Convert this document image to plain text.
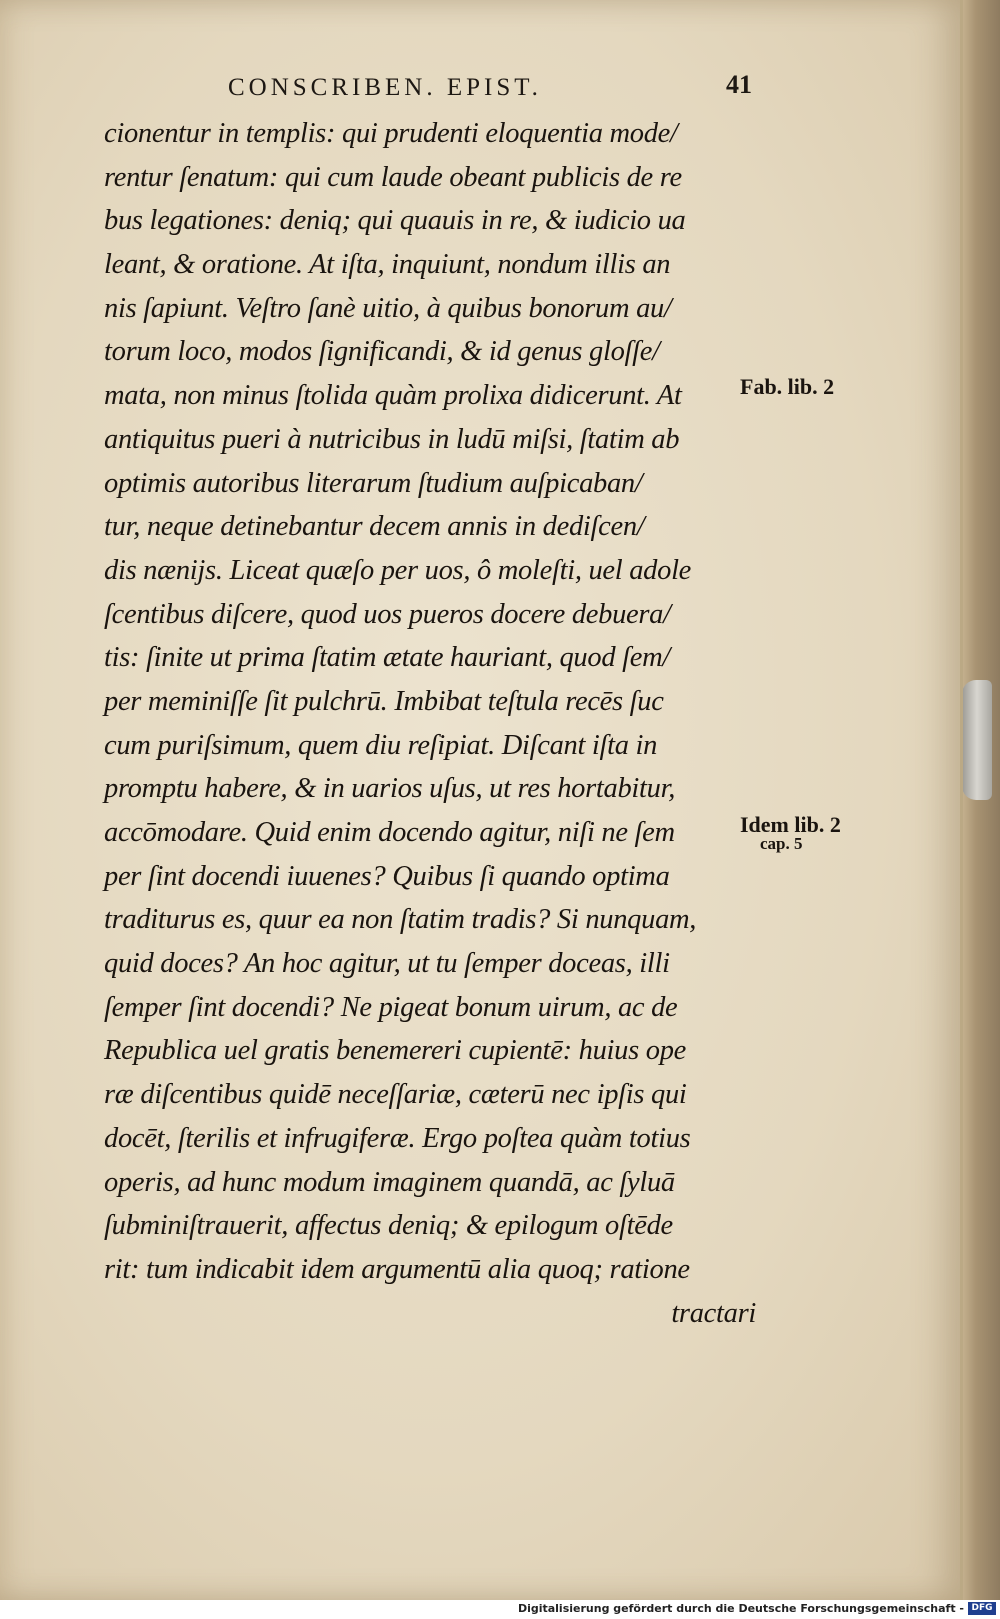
CONSCRIBEN. EPIST.	41
cionentur in templis: qui prudenti eloquentia mode/
rentur ſenatum: qui cum laude obeant publicis de re
bus legationes: deniq; qui quauis in re, & iudicio ua
leant, & oratione. At iſta, inquiunt, nondum illis an
nis ſapiunt. Veſtro ſanè uitio, à quibus bonorum au/
torum loco, modos ſignificandi, & id genus gloſſe/
mata, non minus ſtolida quàm prolixa didicerunt. At
antiquitus pueri à nutricibus in ludū miſsi, ſtatim ab
optimis autoribus literarum ſtudium auſpicaban/
tur, neque detinebantur decem annis in dediſcen/
dis nænijs. Liceat quæſo per uos, ô moleſti, uel adole
ſcentibus diſcere, quod uos pueros docere debuera/
tis: ſinite ut prima ſtatim ætate hauriant, quod ſem/
per meminiſſe ſit pulchrū. Imbibat teſtula recēs ſuc
cum puriſsimum, quem diu reſipiat. Diſcant iſta in
promptu habere, & in uarios uſus, ut res hortabitur,
accōmodare. Quid enim docendo agitur, niſi ne ſem
per ſint docendi iuuenes? Quibus ſi quando optima
traditurus es, quur ea non ſtatim tradis? Si nunquam,
quid doces? An hoc agitur, ut tu ſemper doceas, illi
ſemper ſint docendi? Ne pigeat bonum uirum, ac de
Republica uel gratis benemereri cupientē: huius ope
ræ diſcentibus quidē neceſſariæ, cæterū nec ipſis qui
docēt, ſterilis et infrugiferæ. Ergo poſtea quàm totius
operis, ad hunc modum imaginem quandā, ac ſyluā
ſubminiſtrauerit, affectus deniq; & epilogum oſtēde
rit: tum indicabit idem argumentū alia quoq; ratione
tractari
Fab. lib. 2
Idem lib. 2
cap. 5
Digitalisierung gefördert durch die Deutsche Forschungsgemeinschaft - DFG
